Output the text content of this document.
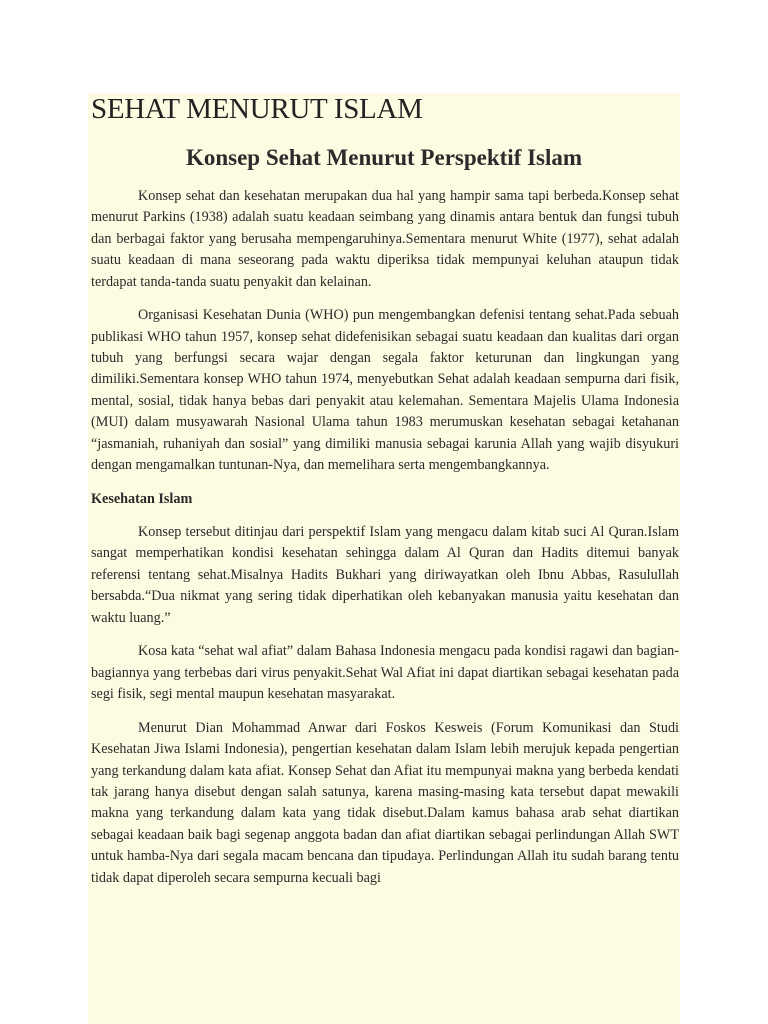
SEHAT MENURUT ISLAM
Konsep Sehat Menurut Perspektif Islam

Konsep sehat dan kesehatan merupakan dua hal yang hampir sama tapi berbeda.Konsep sehat menurut Parkins (1938) adalah suatu keadaan seimbang yang dinamis antara bentuk dan fungsi tubuh dan berbagai faktor yang berusaha mempengaruhinya.Sementara menurut White (1977), sehat adalah suatu keadaan di mana seseorang pada waktu diperiksa tidak mempunyai keluhan ataupun tidak terdapat tanda-tanda suatu penyakit dan kelainan.

Organisasi Kesehatan Dunia (WHO) pun mengembangkan defenisi tentang sehat.Pada sebuah publikasi WHO tahun 1957, konsep sehat didefenisikan sebagai suatu keadaan dan kualitas dari organ tubuh yang berfungsi secara wajar dengan segala faktor keturunan dan lingkungan yang dimiliki.Sementara konsep WHO tahun 1974, menyebutkan Sehat adalah keadaan sempurna dari fisik, mental, sosial, tidak hanya bebas dari penyakit atau kelemahan. Sementara Majelis Ulama Indonesia (MUI) dalam musyawarah Nasional Ulama tahun 1983 merumuskan kesehatan sebagai ketahanan “jasmaniah, ruhaniyah dan sosial” yang dimiliki manusia sebagai karunia Allah yang wajib disyukuri dengan mengamalkan tuntunan-Nya, dan memelihara serta mengembangkannya.

Kesehatan Islam

Konsep tersebut ditinjau dari perspektif Islam yang mengacu dalam kitab suci Al Quran.Islam sangat memperhatikan kondisi kesehatan sehingga dalam Al Quran dan Hadits ditemui banyak referensi tentang sehat.Misalnya Hadits Bukhari yang diriwayatkan oleh Ibnu Abbas, Rasulullah bersabda.“Dua nikmat yang sering tidak diperhatikan oleh kebanyakan manusia yaitu kesehatan dan waktu luang.”

Kosa kata “sehat wal afiat” dalam Bahasa Indonesia mengacu pada kondisi ragawi dan bagian-bagiannya yang terbebas dari virus penyakit.Sehat Wal Afiat ini dapat diartikan sebagai kesehatan pada segi fisik, segi mental maupun kesehatan masyarakat.

Menurut Dian Mohammad Anwar dari Foskos Kesweis (Forum Komunikasi dan Studi Kesehatan Jiwa Islami Indonesia), pengertian kesehatan dalam Islam lebih merujuk kepada pengertian yang terkandung dalam kata afiat. Konsep Sehat dan Afiat itu mempunyai makna yang berbeda kendati tak jarang hanya disebut dengan salah satunya, karena masing-masing kata tersebut dapat mewakili makna yang terkandung dalam kata yang tidak disebut.Dalam kamus bahasa arab sehat diartikan sebagai keadaan baik bagi segenap anggota badan dan afiat diartikan sebagai perlindungan Allah SWT untuk hamba-Nya dari segala macam bencana dan tipudaya. Perlindungan Allah itu sudah barang tentu tidak dapat diperoleh secara sempurna kecuali bagi
